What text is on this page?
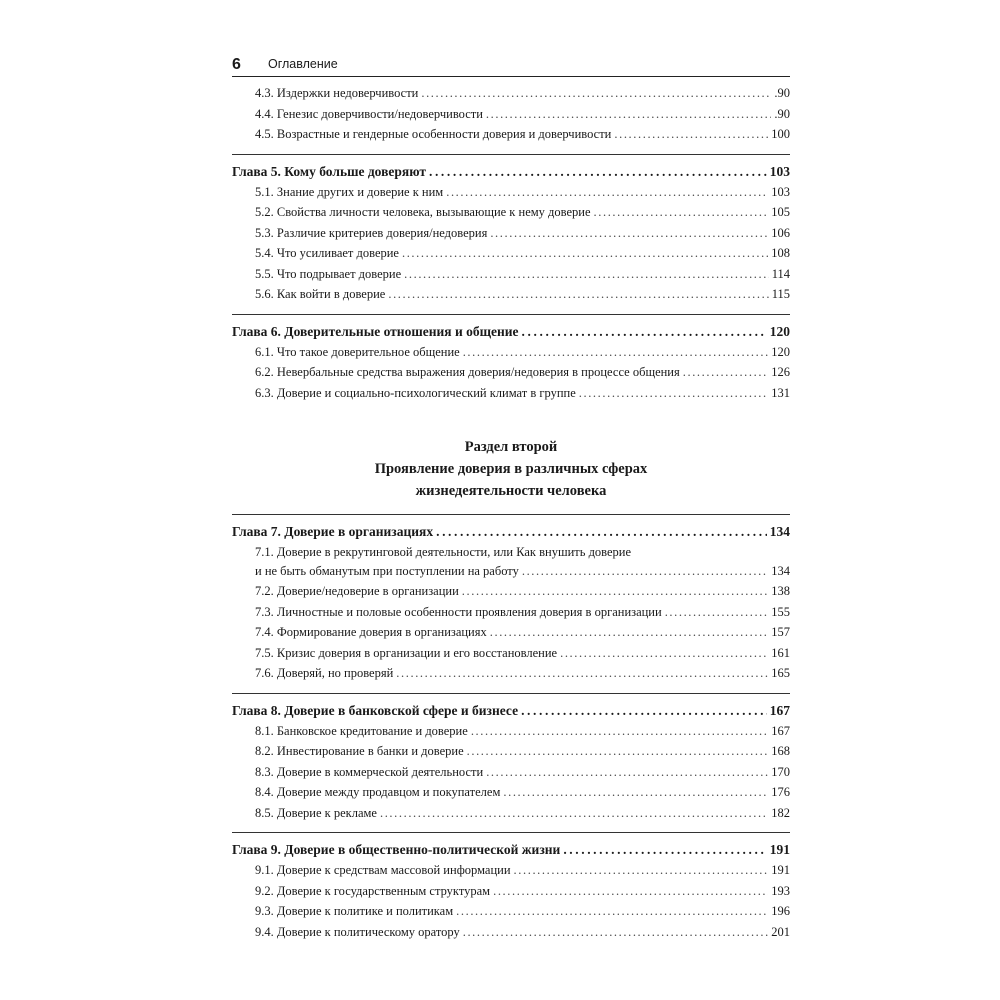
6 Оглавление
4.3. Издержки недоверчивости .....	.90
4.4. Генезис доверчивости/недоверчивости .....	.90
4.5. Возрастные и гендерные особенности доверия и доверчивости .....	100
Глава 5. Кому больше доверяют .....	103
5.1. Знание других и доверие к ним .....	103
5.2. Свойства личности человека, вызывающие к нему доверие .....	105
5.3. Различие критериев доверия/недоверия .....	106
5.4. Что усиливает доверие .....	108
5.5. Что подрывает доверие .....	114
5.6. Как войти в доверие .....	115
Глава 6. Доверительные отношения и общение .....	120
6.1. Что такое доверительное общение .....	120
6.2. Невербальные средства выражения доверия/недоверия в процессе общения .....	126
6.3. Доверие и социально-психологический климат в группе .....	131
Раздел второй
Проявление доверия в различных сферах
жизнедеятельности человека
Глава 7. Доверие в организациях .....	134
7.1. Доверие в рекрутинговой деятельности, или Как внушить доверие
и не быть обманутым при поступлении на работу .....	134
7.2. Доверие/недоверие в организации .....	138
7.3. Личностные и половые особенности проявления доверия в организации .....	155
7.4. Формирование доверия в организациях .....	157
7.5. Кризис доверия в организации и его восстановление .....	161
7.6. Доверяй, но проверяй .....	165
Глава 8. Доверие в банковской сфере и бизнесе .....	167
8.1. Банковское кредитование и доверие .....	167
8.2. Инвестирование в банки и доверие .....	168
8.3. Доверие в коммерческой деятельности .....	170
8.4. Доверие между продавцом и покупателем .....	176
8.5. Доверие к рекламе .....	182
Глава 9. Доверие в общественно-политической жизни .....	191
9.1. Доверие к средствам массовой информации .....	191
9.2. Доверие к государственным структурам .....	193
9.3. Доверие к политике и политикам .....	196
9.4. Доверие к политическому оратору .....	201
